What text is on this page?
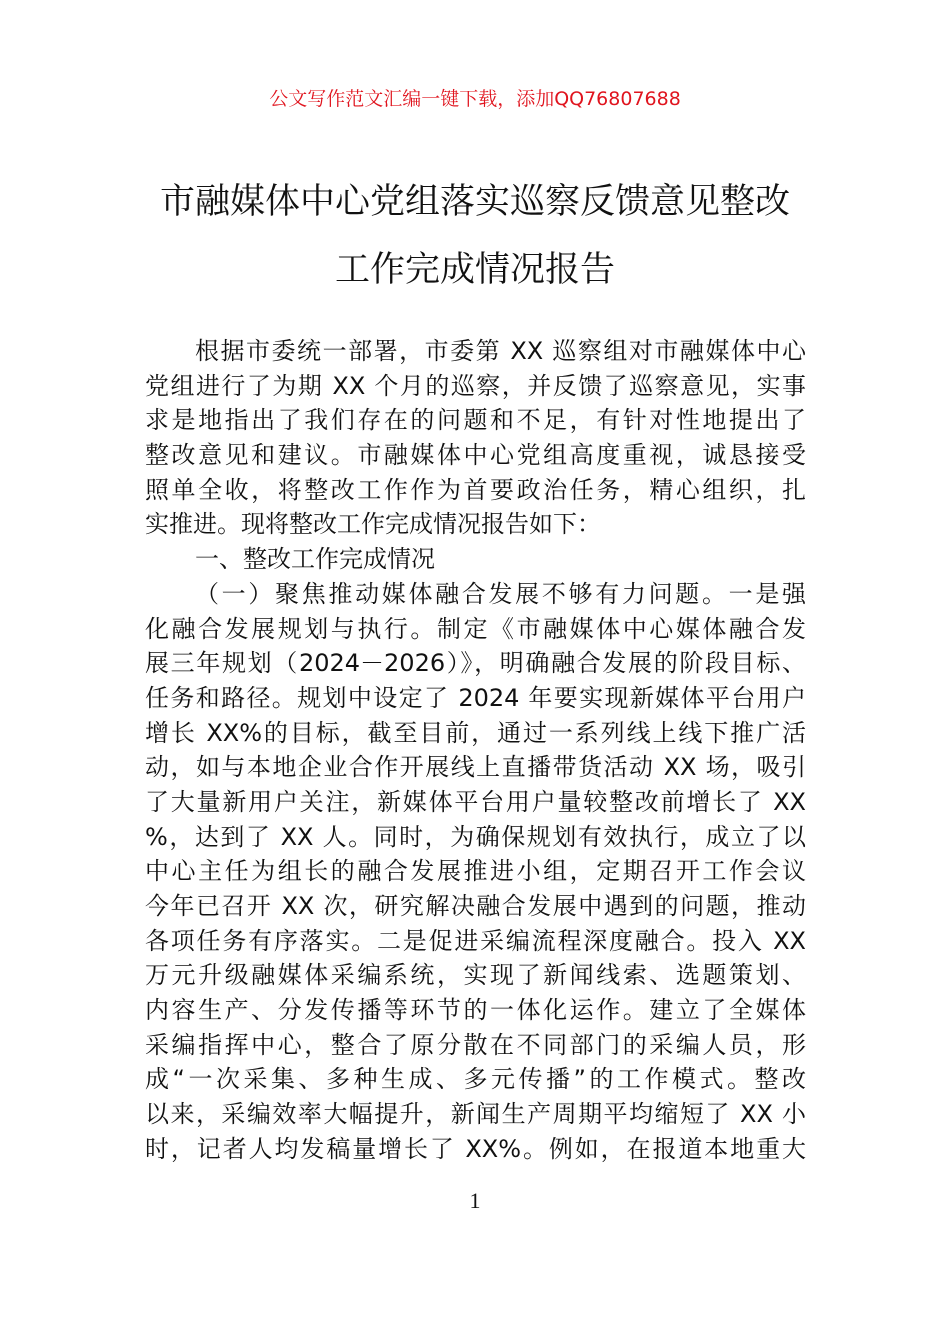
公文写作范文汇编一键下载，添加QQ76807688
市融媒体中心党组落实巡察反馈意见整改
工作完成情况报告
根据市委统一部署，市委第 XX 巡察组对市融媒体中心
党组进行了为期 XX 个月的巡察，并反馈了巡察意见，实事
求是地指出了我们存在的问题和不足，有针对性地提出了
整改意见和建议。市融媒体中心党组高度重视，诚恳接受
照单全收，将整改工作作为首要政治任务，精心组织，扎
实推进。现将整改工作完成情况报告如下：
一、整改工作完成情况
（一）聚焦推动媒体融合发展不够有力问题。一是强
化融合发展规划与执行。制定《市融媒体中心媒体融合发
展三年规划（2024－2026）》，明确融合发展的阶段目标、
任务和路径。规划中设定了 2024 年要实现新媒体平台用户
增长 XX%的目标，截至目前，通过一系列线上线下推广活
动，如与本地企业合作开展线上直播带货活动 XX 场，吸引
了大量新用户关注，新媒体平台用户量较整改前增长了 XX
%，达到了 XX 人。同时，为确保规划有效执行，成立了以
中心主任为组长的融合发展推进小组，定期召开工作会议
今年已召开 XX 次，研究解决融合发展中遇到的问题，推动
各项任务有序落实。二是促进采编流程深度融合。投入 XX
万元升级融媒体采编系统，实现了新闻线索、选题策划、
内容生产、分发传播等环节的一体化运作。建立了全媒体
采编指挥中心，整合了原分散在不同部门的采编人员，形
成“一次采集、多种生成、多元传播”的工作模式。整改
以来，采编效率大幅提升，新闻生产周期平均缩短了 XX 小
时，记者人均发稿量增长了 XX%。例如，在报道本地重大
1
